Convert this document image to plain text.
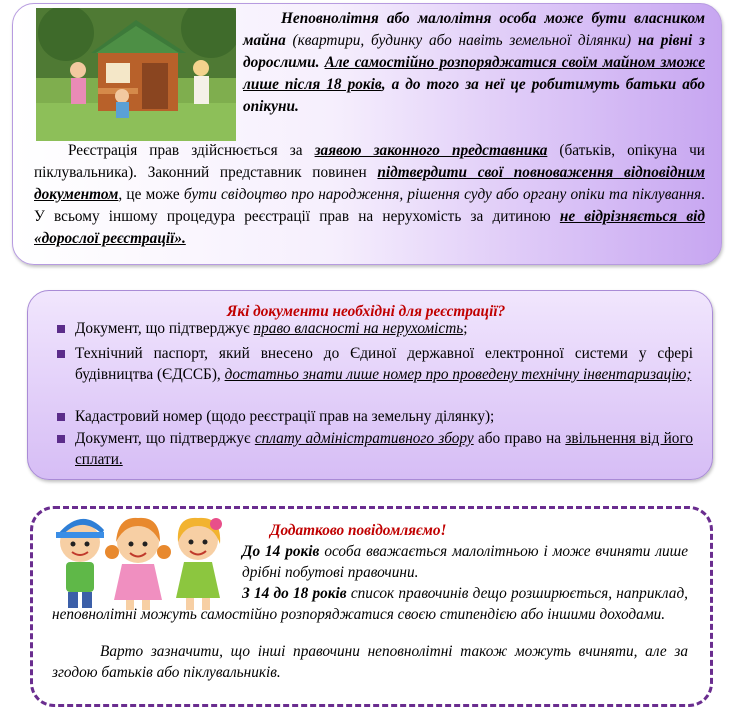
Неповнолітня або малолітня особа може бути власником майна (квартири, будинку або навіть земельної ділянки) на рівні з дорослими. Але самостійно розпоряджатися своїм майном зможе лише після 18 років, а до того за неї це робитимуть батьки або опікуни.
Реєстрація прав здійснюється за заявою законного представника (батьків, опікуна чи піклувальника). Законний представник повинен підтвердити свої повноваження відповідним документом, це може бути свідоцтво про народження, рішення суду або органу опіки та піклування. У всьому іншому процедура реєстрації прав на нерухомість за дитиною не відрізняється від «дорослої реєстрації».
Які документи необхідні для реєстрації?
Документ, що підтверджує право власності на нерухомість;
Технічний паспорт, який внесено до Єдиної державної електронної системи у сфері будівництва (ЄДССБ), достатньо знати лише номер про проведену технічну інвентаризацію;
Кадастровий номер (щодо реєстрації прав на земельну ділянку);
Документ, що підтверджує сплату адміністративного збору або право на звільнення від його сплати.
Додатково повідомляємо!
До 14 років особа вважається малолітньою і може вчиняти лише дрібні побутові правочини.
З 14 до 18 років список правочинів дещо розширюється, наприклад, неповнолітні можуть самостійно розпоряджатися своєю стипендією або іншими доходами.
Варто зазначити, що інші правочини неповнолітні також можуть вчиняти, але за згодою батьків або піклувальників.
